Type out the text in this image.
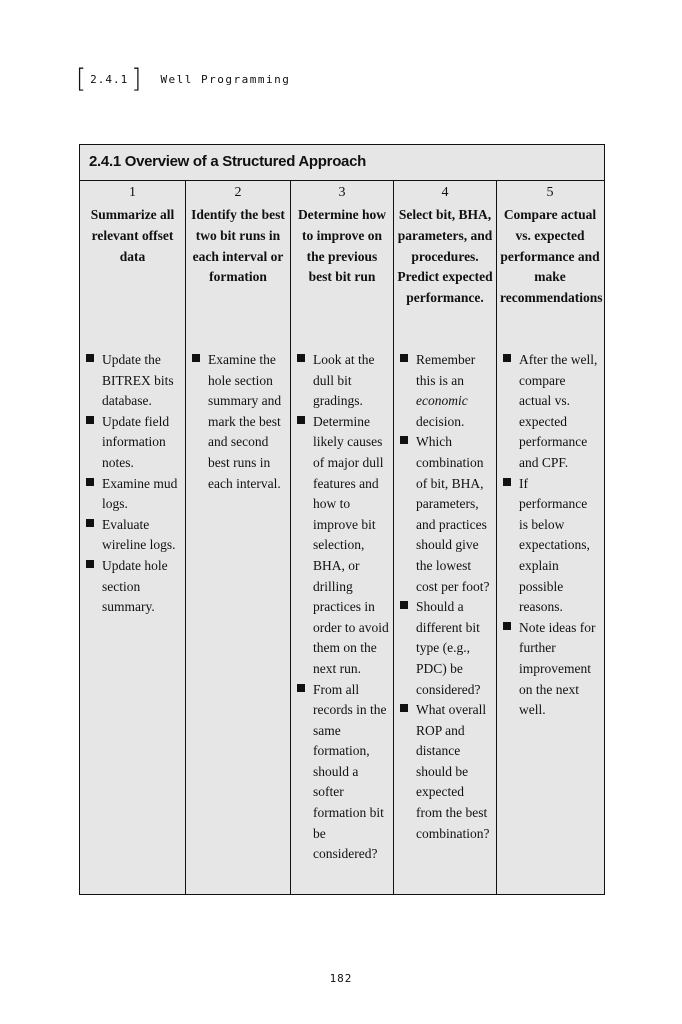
[ 2.4.1 ] Well Programming
2.4.1 Overview of a Structured Approach
1
Summarize all relevant offset data
Update the BITREX bits database.
Update field information notes.
Examine mud logs.
Evaluate wireline logs.
Update hole section summary.
2
Identify the best two bit runs in each interval or formation
Examine the hole section summary and mark the best and second best runs in each interval.
3
Determine how to improve on the previous best bit run
Look at the dull bit gradings.
Determine likely causes of major dull features and how to improve bit selection, BHA, or drilling practices in order to avoid them on the next run.
From all records in the same formation, should a softer formation bit be considered?
4
Select bit, BHA, parameters, and procedures. Predict expected performance.
Remember this is an economic decision.
Which combination of bit, BHA, parameters, and practices should give the lowest cost per foot?
Should a different bit type (e.g., PDC) be considered?
What overall ROP and distance should be expected from the best combination?
5
Compare actual vs. expected performance and make recommendations
After the well, compare actual vs. expected performance and CPF.
If performance is below expectations, explain possible reasons.
Note ideas for further improvement on the next well.
182
